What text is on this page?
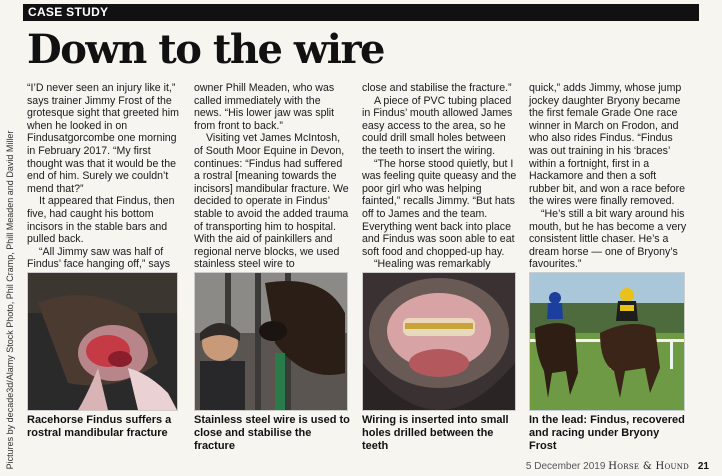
CASE STUDY
Pictures by decade3d/Alamy Stock Photo, Phil Cramp, Phill Meaden and David Miller
Down to the wire

“I’D never seen an injury like it,” says trainer Jimmy Frost of the grotesque sight that greeted him when he looked in on Findusatgorcombe one morning in February 2017. “My first thought was that it would be the end of him. Surely we couldn’t mend that?”

It appeared that Findus, then five, had caught his bottom incisors in the stable bars and pulled back.

“All Jimmy saw was half of Findus’ face hanging off,” says

owner Phill Meaden, who was called immediately with the news. “His lower jaw was split from front to back.”

Visiting vet James McIntosh, of South Moor Equine in Devon, continues: “Findus had suffered a rostral [meaning towards the incisors] mandibular fracture. We decided to operate in Findus’ stable to avoid the added trauma of transporting him to hospital. With the aid of painkillers and regional nerve blocks, we used stainless steel wire to

close and stabilise the fracture.”

A piece of PVC tubing placed in Findus’ mouth allowed James easy access to the area, so he could drill small holes between the teeth to insert the wiring.

“The horse stood quietly, but I was feeling quite queasy and the poor girl who was helping fainted,” recalls Jimmy. “But hats off to James and the team. Everything went back into place and Findus was soon able to eat soft food and chopped-up hay.

“Healing was remarkably

quick,” adds Jimmy, whose jump jockey daughter Bryony became the first female Grade One race winner in March on Frodon, and who also rides Findus. “Findus was out training in his ‘braces’ within a fortnight, first in a Hackamore and then a soft rubber bit, and won a race before the wires were finally removed.

“He’s still a bit wary around his mouth, but he has become a very consistent little chaser. He’s a dream horse — one of Bryony’s favourites.”

Racehorse Findus suffers a rostral mandibular fracture
Stainless steel wire is used to close and stabilise the fracture
Wiring is inserted into small holes drilled between the teeth
In the lead: Findus, recovered and racing under Bryony Frost
5 December 2019 Horse & Hound 21
